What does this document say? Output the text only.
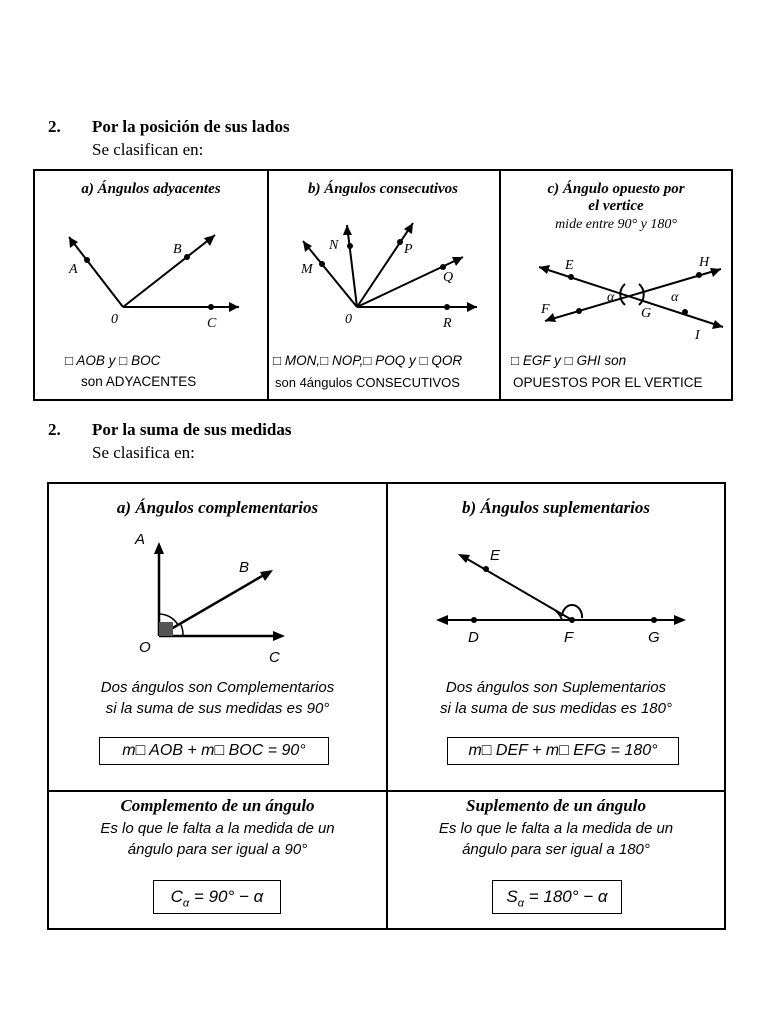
2. Por la posición de sus lados
Se clasifican en:
a) Ángulos adyacentes
A
B
0	C
□ AOB y □ BOC
son ADYACENTES
b) Ángulos consecutivos
N
M
P
Q
0	R
□ MON,□ NOP,□ POQ y □ QOR
son 4ángulos CONSECUTIVOS
c) Ángulo opuesto por
el vertice
mide entre 90° y 180°
E	H
F	G
I
α	α
□ EGF y □ GHI son
OPUESTOS POR EL VERTICE
2. Por la suma de sus medidas
Se clasifica en:
a) Ángulos complementarios
A
B
O
C
Dos ángulos son Complementarios
si la suma de sus medidas es 90°
m□ AOB + m□ BOC = 90°
b) Ángulos suplementarios
E
D	F	G
Dos ángulos son Suplementarios
si la suma de sus medidas es 180°
m□ DEF + m□ EFG = 180°
Complemento de un ángulo
Es lo que le falta a la medida de un
ángulo para ser igual a 90°
$C_\alpha = 90^\circ - \alpha$
Suplemento de un ángulo
Es lo que le falta a la medida de un
ángulo para ser igual a 180°
$S_\alpha = 180^\circ - \alpha$
